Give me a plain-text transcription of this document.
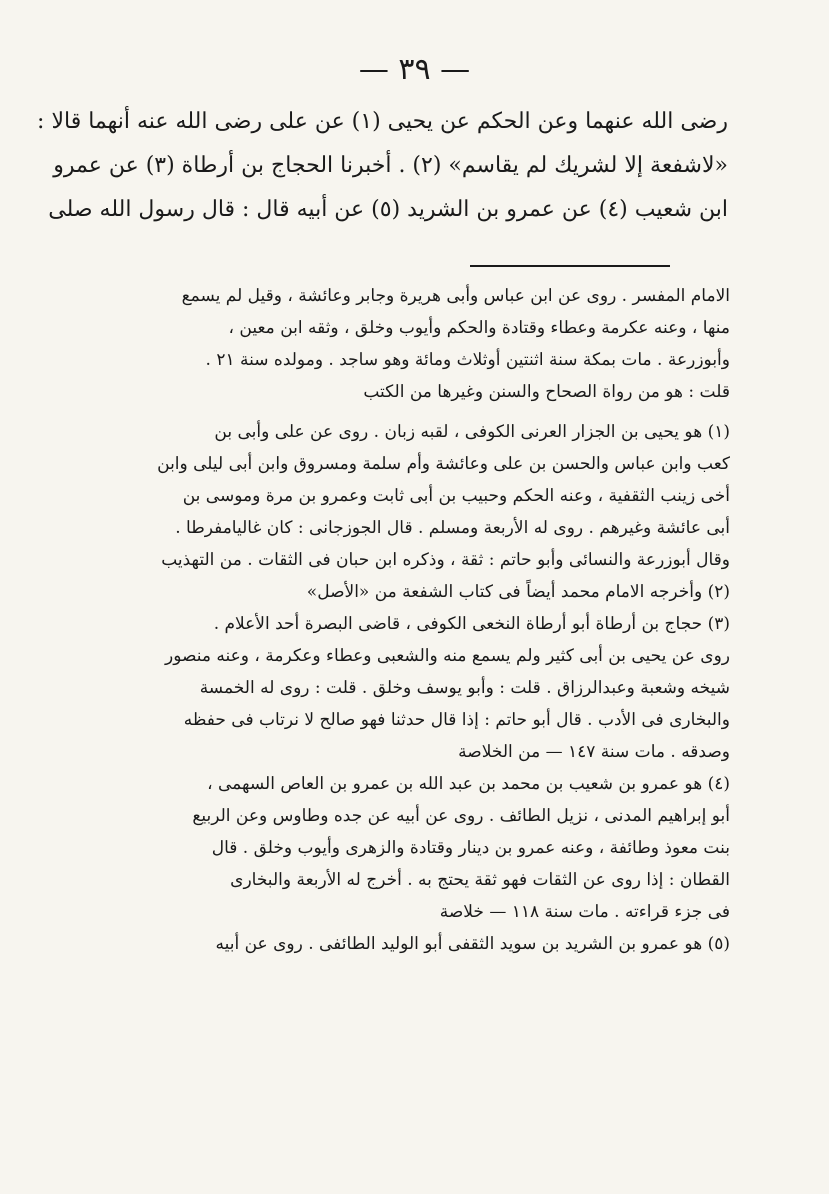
— ٣٩ —
رضى الله عنهما وعن الحكم عن يحيى (١) عن على رضى الله عنه أنهما قالا :
«لاشفعة إلا لشريك لم يقاسم» (٢) . أخبرنا الحجاج بن أرطاة (٣) عن عمرو
ابن شعيب (٤) عن عمرو بن الشريد (٥) عن أبيه قال : قال رسول الله صلى
الامام المفسر . روى عن ابن عباس وأبى هريرة وجابر وعائشة ، وقيل لم يسمع
منها ، وعنه عكرمة وعطاء وقتادة والحكم وأيوب وخلق ، وثقه ابن معين ،
وأبوزرعة . مات بمكة سنة اثنتين أوثلاث ومائة وهو ساجد . ومولده سنة ٢١ .
قلت : هو من رواة الصحاح والسنن وغيرها من الكتب
(١) هو يحيى بن الجزار العرنى الكوفى ، لقبه زبان . روى عن على وأبى بن
كعب وابن عباس والحسن بن على وعائشة وأم سلمة ومسروق وابن أبى ليلى وابن
أخى زينب الثقفية ، وعنه الحكم وحبيب بن أبى ثابت وعمرو بن مرة وموسى بن
أبى عائشة وغيرهم . روى له الأربعة ومسلم . قال الجوزجانى : كان غاليامفرطا .
وقال أبوزرعة والنسائى وأبو حاتم : ثقة ، وذكره ابن حبان فى الثقات . من التهذيب
(٢) وأخرجه الامام محمد أيضاً فى كتاب الشفعة من «الأصل»
(٣) حجاج بن أرطاة أبو أرطاة النخعى الكوفى ، قاضى البصرة أحد الأعلام .
روى عن يحيى بن أبى كثير ولم يسمع منه والشعبى وعطاء وعكرمة ، وعنه منصور
شيخه وشعبة وعبدالرزاق . قلت : وأبو يوسف وخلق . قلت : روى له الخمسة
والبخارى فى الأدب . قال أبو حاتم : إذا قال حدثنا فهو صالح لا نرتاب فى حفظه
وصدقه . مات سنة ١٤٧ — من الخلاصة
(٤) هو عمرو بن شعيب بن محمد بن عبد الله بن عمرو بن العاص السهمى ،
أبو إبراهيم المدنى ، نزيل الطائف . روى عن أبيه عن جده وطاوس وعن الربيع
بنت معوذ وطائفة ، وعنه عمرو بن دينار وقتادة والزهرى وأيوب وخلق . قال
القطان : إذا روى عن الثقات فهو ثقة يحتج به . أخرج له الأربعة والبخارى
فى جزء قراءته . مات سنة ١١٨ — خلاصة
(٥) هو عمرو بن الشريد بن سويد الثقفى أبو الوليد الطائفى . روى عن أبيه
